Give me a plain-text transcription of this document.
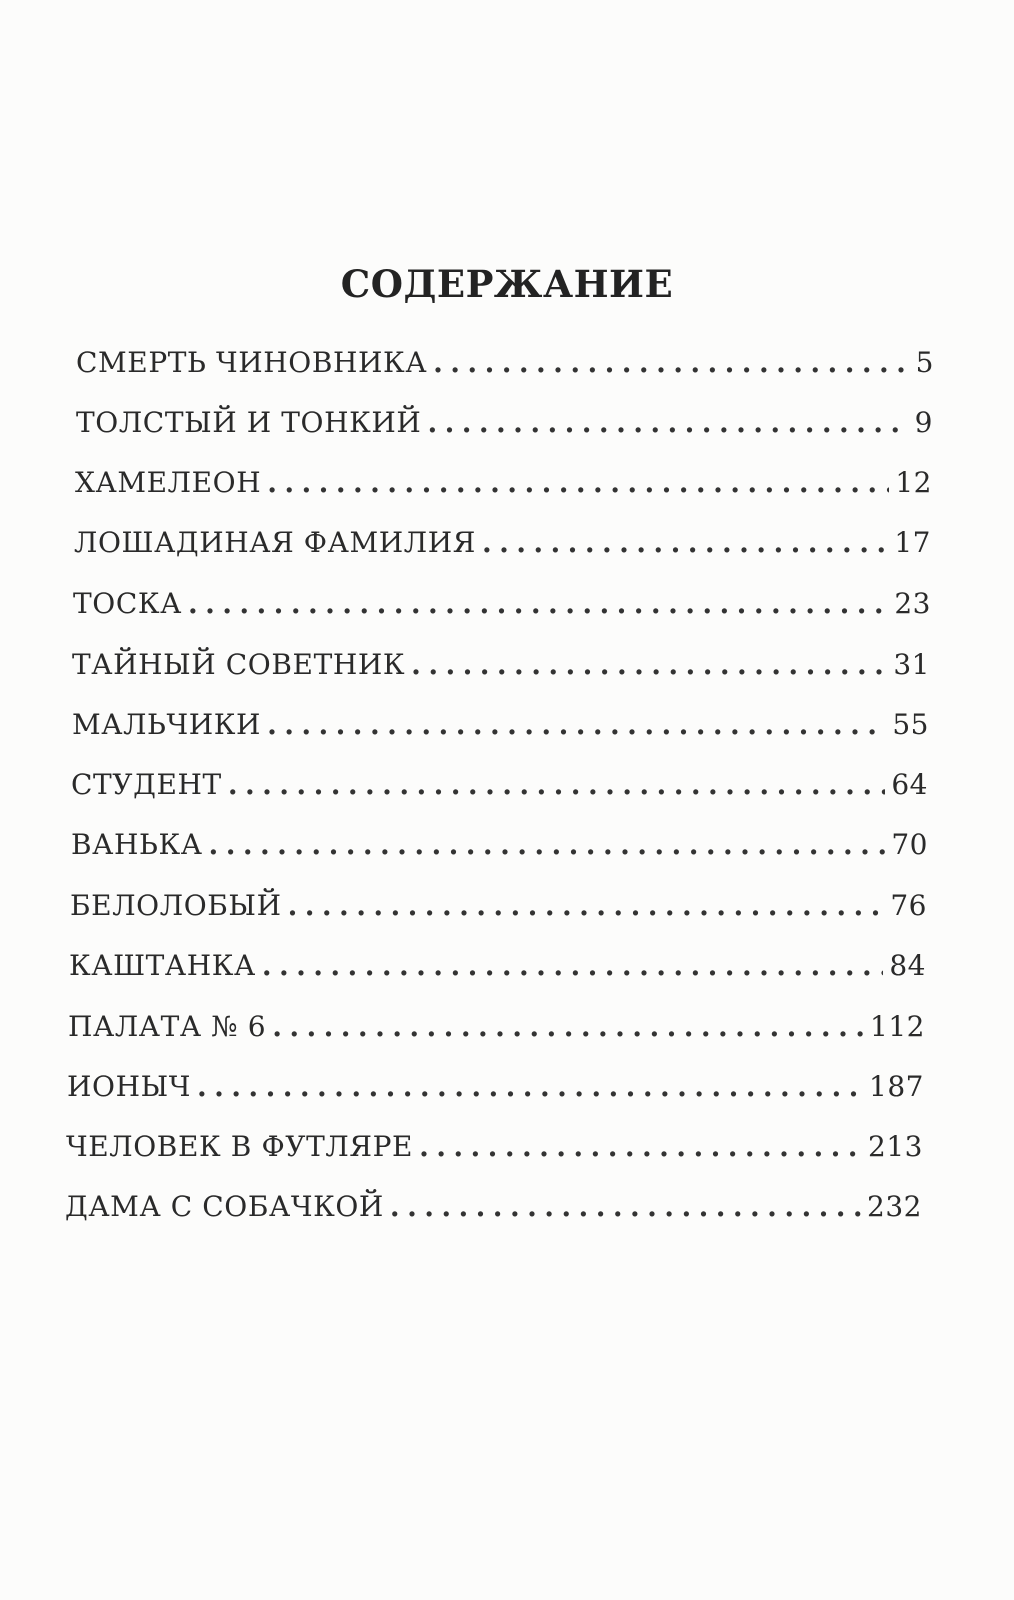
СОДЕРЖАНИЕ
СМЕРТЬ ЧИНОВНИКА .....	5
ТОЛСТЫЙ И ТОНКИЙ .....	9
ХАМЕЛЕОН .....	12
ЛОШАДИНАЯ ФАМИЛИЯ .....	17
ТОСКА .....	23
ТАЙНЫЙ СОВЕТНИК .....	31
МАЛЬЧИКИ .....	55
СТУДЕНТ .....	64
ВАНЬКА .....	70
БЕЛОЛОБЫЙ .....	76
КАШТАНКА .....	84
ПАЛАТА № 6 .....	112
ИОНЫЧ .....	187
ЧЕЛОВЕК В ФУТЛЯРЕ .....	213
ДАМА С СОБАЧКОЙ .....	232
